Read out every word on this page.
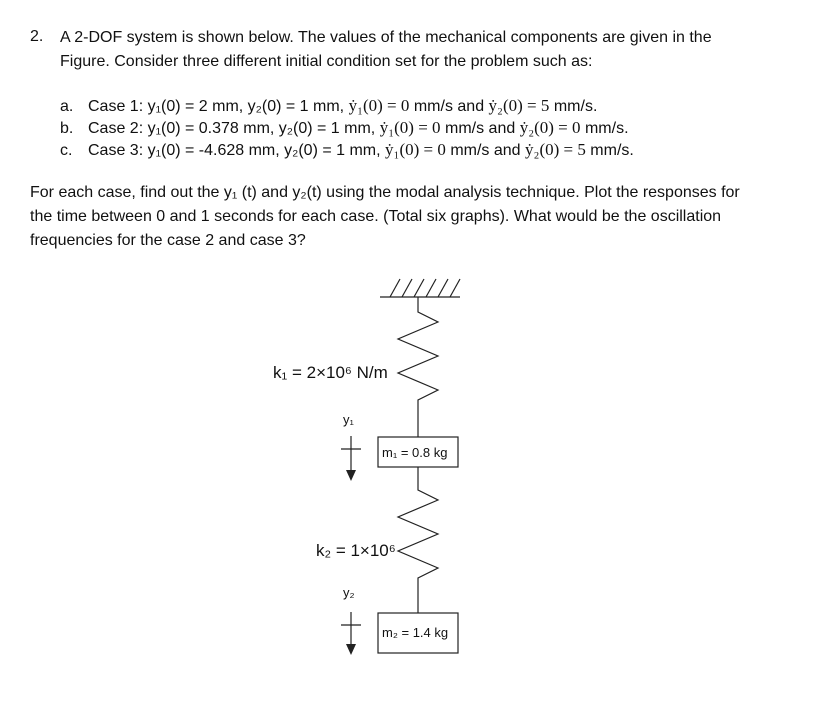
2. A 2-DOF system is shown below. The values of the mechanical components are given in the
Figure. Consider three different initial condition set for the problem such as:
a. Case 1: y₁(0) = 2 mm, y₂(0) = 1 mm, ẏ₁(0) = 0 mm/s and ẏ₂(0) = 5 mm/s.
b. Case 2: y₁(0) = 0.378 mm, y₂(0) = 1 mm, ẏ₁(0) = 0 mm/s and ẏ₂(0) = 0 mm/s.
c. Case 3: y₁(0) = -4.628 mm, y₂(0) = 1 mm, ẏ₁(0) = 0 mm/s and ẏ₂(0) = 5 mm/s.
For each case, find out the y₁ (t) and y₂(t) using the modal analysis technique. Plot the responses for
the time between 0 and 1 seconds for each case. (Total six graphs). What would be the oscillation
frequencies for the case 2 and case 3?
k₁ = 2×10⁶ N/m
y₁
m₁ = 0.8 kg
k₂ = 1×10⁶
y₂
m₂ = 1.4 kg
